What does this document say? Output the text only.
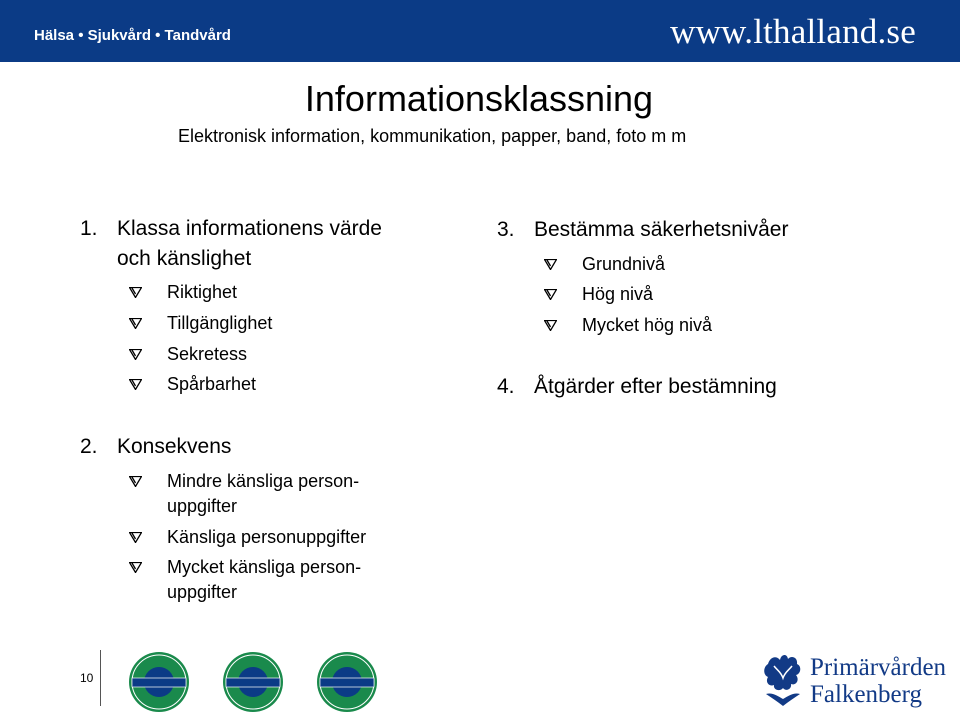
Hälsa • Sjukvård • Tandvård	www.lthalland.se
Informationsklassning
Elektronisk information, kommunikation, papper, band, foto m m
1. Klassa informationens värde
och känslighet
Riktighet
Tillgänglighet
Sekretess
Spårbarhet
2. Konsekvens
Mindre känsliga person-
uppgifter
Känsliga personuppgifter
Mycket känsliga person-
uppgifter
3. Bestämma säkerhetsnivåer
Grundnivå
Hög nivå
Mycket hög nivå
4. Åtgärder efter bestämning
10	Primärvården
Falkenberg
